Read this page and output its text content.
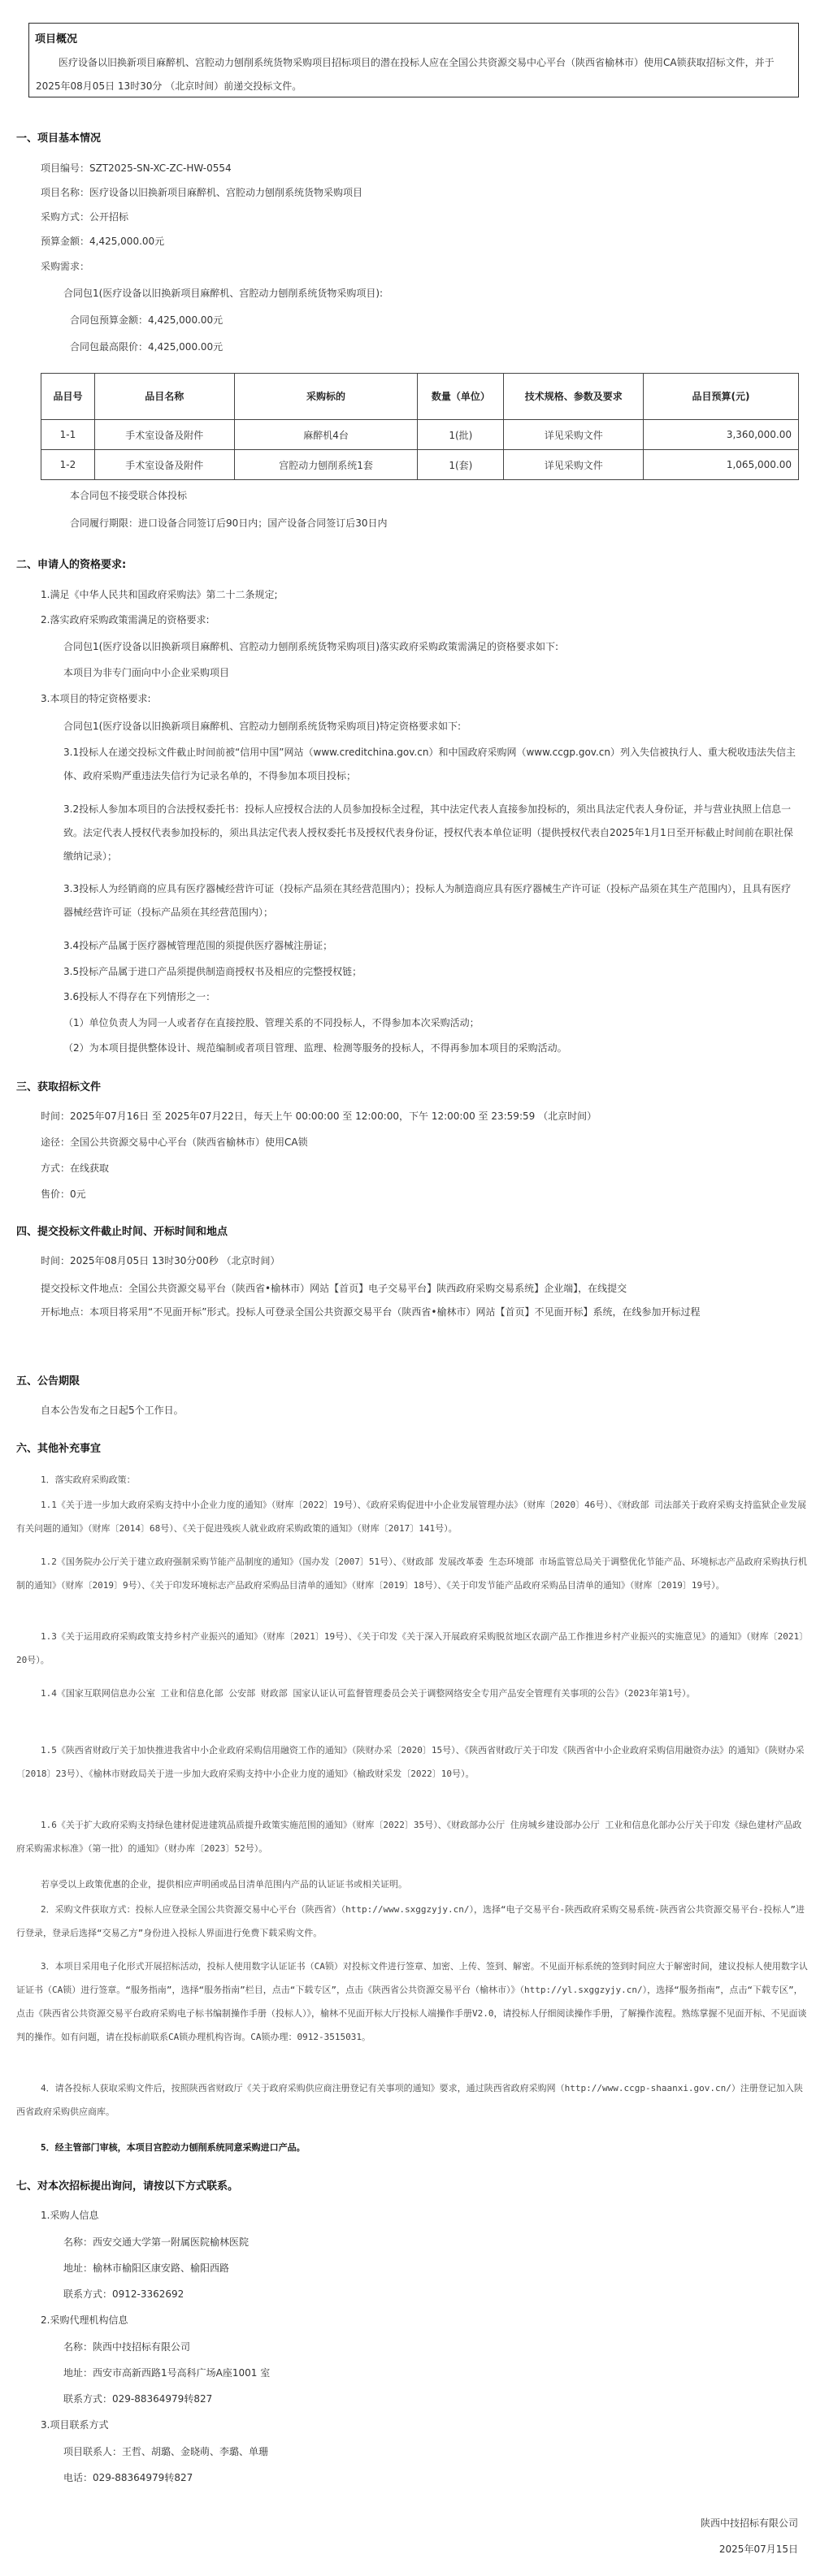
项目概况
医疗设备以旧换新项目麻醉机、宫腔动力刨削系统货物采购项目招标项目的潜在投标人应在全国公共资源交易中心平台（陕西省榆林市）使用CA锁获取招标文件，并于 2025年08月05日 13时30分 （北京时间）前递交投标文件。
一、项目基本情况
项目编号：SZT2025-SN-XC-ZC-HW-0554
项目名称：医疗设备以旧换新项目麻醉机、宫腔动力刨削系统货物采购项目
采购方式：公开招标
预算金额：4,425,000.00元
采购需求：
合同包1(医疗设备以旧换新项目麻醉机、宫腔动力刨削系统货物采购项目):
合同包预算金额：4,425,000.00元
合同包最高限价：4,425,000.00元
品目号	品目名称	采购标的	数量（单位）	技术规格、参数及要求	品目预算(元)
1-1	手术室设备及附件	麻醉机4台	1(批)	详见采购文件	3,360,000.00
1-2	手术室设备及附件	宫腔动力刨削系统1套	1(套)	详见采购文件	1,065,000.00
本合同包不接受联合体投标
合同履行期限：进口设备合同签订后90日内；国产设备合同签订后30日内
二、申请人的资格要求:
1.满足《中华人民共和国政府采购法》第二十二条规定;
2.落实政府采购政策需满足的资格要求:
合同包1(医疗设备以旧换新项目麻醉机、宫腔动力刨削系统货物采购项目)落实政府采购政策需满足的资格要求如下:
本项目为非专门面向中小企业采购项目
3.本项目的特定资格要求:
合同包1(医疗设备以旧换新项目麻醉机、宫腔动力刨削系统货物采购项目)特定资格要求如下:
3.1投标人在递交投标文件截止时间前被“信用中国”网站（www.creditchina.gov.cn）和中国政府采购网（www.ccgp.gov.cn）列入失信被执行人、重大税收违法失信主体、政府采购严重违法失信行为记录名单的，不得参加本项目投标；
3.2投标人参加本项目的合法授权委托书：投标人应授权合法的人员参加投标全过程，其中法定代表人直接参加投标的，须出具法定代表人身份证，并与营业执照上信息一致。法定代表人授权代表参加投标的，须出具法定代表人授权委托书及授权代表身份证，授权代表本单位证明（提供授权代表自2025年1月1日至开标截止时间前在职社保缴纳记录）；
3.3投标人为经销商的应具有医疗器械经营许可证（投标产品须在其经营范围内）；投标人为制造商应具有医疗器械生产许可证（投标产品须在其生产范围内），且具有医疗器械经营许可证（投标产品须在其经营范围内）；
3.4投标产品属于医疗器械管理范围的须提供医疗器械注册证；
3.5投标产品属于进口产品须提供制造商授权书及相应的完整授权链；
3.6投标人不得存在下列情形之一：
（1）单位负责人为同一人或者存在直接控股、管理关系的不同投标人，不得参加本次采购活动；
（2）为本项目提供整体设计、规范编制或者项目管理、监理、检测等服务的投标人，不得再参加本项目的采购活动。
三、获取招标文件
时间：2025年07月16日 至 2025年07月22日，每天上午 00:00:00 至 12:00:00，下午 12:00:00 至 23:59:59 （北京时间）
途径：全国公共资源交易中心平台（陕西省榆林市）使用CA锁
方式：在线获取
售价：0元
四、提交投标文件截止时间、开标时间和地点
时间：2025年08月05日 13时30分00秒 （北京时间）
提交投标文件地点：全国公共资源交易平台（陕西省•榆林市）网站【首页】电子交易平台】陕西政府采购交易系统】企业端】，在线提交
开标地点：本项目将采用“不见面开标”形式。投标人可登录全国公共资源交易平台（陕西省•榆林市）网站【首页】不见面开标】系统，在线参加开标过程
五、公告期限
自本公告发布之日起5个工作日。
六、其他补充事宜
1．落实政府采购政策：
1.1《关于进一步加大政府采购支持中小企业力度的通知》（财库〔2022〕19号）、《政府采购促进中小企业发展管理办法》（财库〔2020〕46号）、《财政部 司法部关于政府采购支持监狱企业发展有关问题的通知》（财库〔2014〕68号）、《关于促进残疾人就业政府采购政策的通知》（财库〔2017〕141号）。
1.2《国务院办公厅关于建立政府强制采购节能产品制度的通知》（国办发〔2007〕51号）、《财政部 发展改革委 生态环境部 市场监管总局关于调整优化节能产品、环境标志产品政府采购执行机制的通知》（财库〔2019〕9号）、《关于印发环境标志产品政府采购品目清单的通知》（财库〔2019〕18号）、《关于印发节能产品政府采购品目清单的通知》（财库〔2019〕19号）。
1.3《关于运用政府采购政策支持乡村产业振兴的通知》（财库〔2021〕19号）、《关于印发《关于深入开展政府采购脱贫地区农副产品工作推进乡村产业振兴的实施意见》的通知》（财库〔2021〕20号）。
1.4《国家互联网信息办公室 工业和信息化部 公安部 财政部 国家认证认可监督管理委员会关于调整网络安全专用产品安全管理有关事项的公告》（2023年第1号）。
1.5《陕西省财政厅关于加快推进我省中小企业政府采购信用融资工作的通知》（陕财办采〔2020〕15号）、《陕西省财政厅关于印发《陕西省中小企业政府采购信用融资办法》的通知》（陕财办采〔2018〕23号）、《榆林市财政局关于进一步加大政府采购支持中小企业力度的通知》（榆政财采发〔2022〕10号）。
1.6《关于扩大政府采购支持绿色建材促进建筑品质提升政策实施范围的通知》（财库〔2022〕35号）、《财政部办公厅 住房城乡建设部办公厅 工业和信息化部办公厅关于印发《绿色建材产品政府采购需求标准》（第一批）的通知》（财办库〔2023〕52号）。
若享受以上政策优惠的企业，提供相应声明函或品目清单范围内产品的认证证书或相关证明。
2．采购文件获取方式：投标人应登录全国公共资源交易中心平台（陕西省）（http://www.sxggzyjy.cn/），选择“电子交易平台-陕西政府采购交易系统-陕西省公共资源交易平台-投标人”进行登录，登录后选择“交易乙方”身份进入投标人界面进行免费下载采购文件。
3．本项目采用电子化形式开展招标活动，投标人使用数字认证证书（CA锁）对投标文件进行签章、加密、上传、签到、解密。不见面开标系统的签到时间应大于解密时间，建议投标人使用数字认证证书（CA锁）进行签章。“服务指南”，选择“服务指南”栏目，点击“下载专区”，点击《陕西省公共资源交易平台（榆林市）》（http://yl.sxggzyjy.cn/），选择“服务指南”，点击“下载专区”，点击《陕西省公共资源交易平台政府采购电子标书编制操作手册（投标人）》，榆林不见面开标大厅投标人端操作手册V2.0，请投标人仔细阅读操作手册，了解操作流程。熟练掌握不见面开标、不见面谈判的操作。如有问题，请在投标前联系CA锁办理机构咨询。CA锁办理：0912-3515031。
4．请各投标人获取采购文件后，按照陕西省财政厅《关于政府采购供应商注册登记有关事项的通知》要求，通过陕西省政府采购网（http://www.ccgp-shaanxi.gov.cn/）注册登记加入陕西省政府采购供应商库。
5．经主管部门审核，本项目宫腔动力刨削系统同意采购进口产品。
七、对本次招标提出询问，请按以下方式联系。
1.采购人信息
名称：西安交通大学第一附属医院榆林医院
地址：榆林市榆阳区康安路、榆阳西路
联系方式：0912-3362692
2.采购代理机构信息
名称：陕西中技招标有限公司
地址：西安市高新西路1号高科广场A座1001 室
联系方式：029-88364979转827
3.项目联系方式
项目联系人：王哲、胡璐、金晓萌、李璐、单珊
电话：029-88364979转827
陕西中技招标有限公司
2025年07月15日
